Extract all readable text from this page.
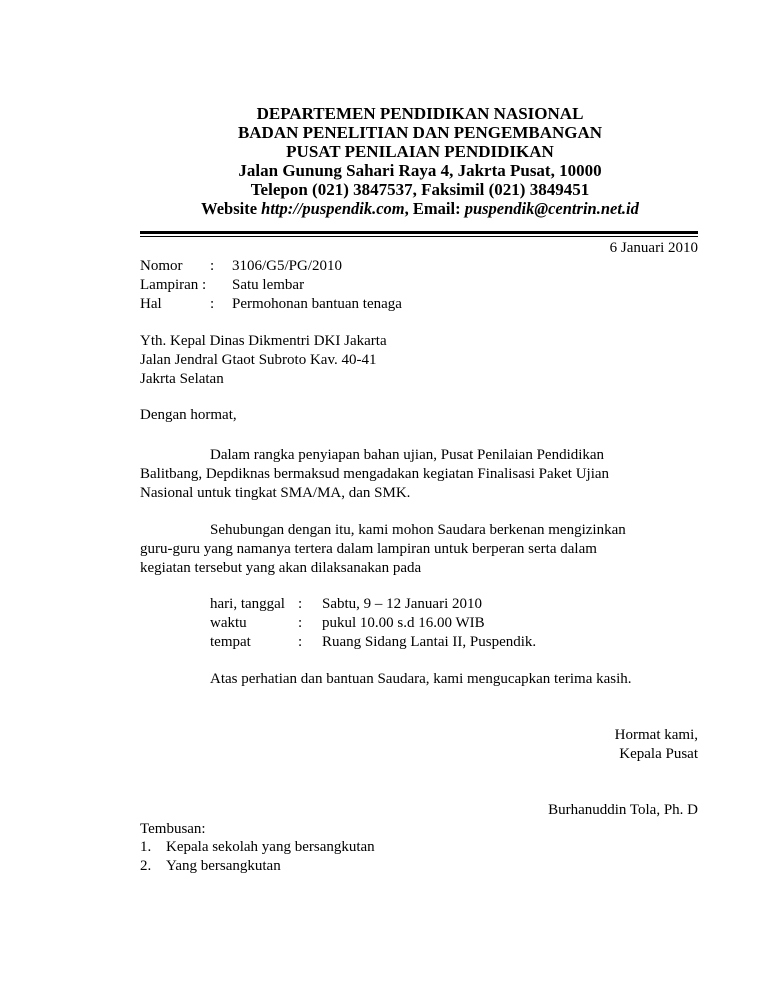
DEPARTEMEN PENDIDIKAN NASIONAL
BADAN PENELITIAN DAN PENGEMBANGAN
PUSAT PENILAIAN PENDIDIKAN
Jalan Gunung Sahari Raya 4, Jakrta Pusat, 10000
Telepon (021) 3847537, Faksimil (021) 3849451
Website http://puspendik.com, Email: puspendik@centrin.net.id
6 Januari 2010
Nomor : 3106/G5/PG/2010
Lampiran : Satu lembar
Hal	: Permohonan bantuan tenaga
Yth. Kepal Dinas Dikmentri DKI Jakarta
Jalan Jendral Gtaot Subroto Kav. 40-41
Jakrta Selatan
Dengan hormat,
Dalam rangka penyiapan bahan ujian, Pusat Penilaian Pendidikan
Balitbang, Depdiknas bermaksud mengadakan kegiatan Finalisasi Paket Ujian
Nasional untuk tingkat SMA/MA, dan SMK.
Sehubungan dengan itu, kami mohon Saudara berkenan mengizinkan
guru-guru yang namanya tertera dalam lampiran untuk berperan serta dalam
kegiatan tersebut yang akan dilaksanakan pada
hari, tanggal : Sabtu, 9 – 12 Januari 2010
waktu	: pukul 10.00 s.d 16.00 WIB
tempat	: Ruang Sidang Lantai II, Puspendik.
Atas perhatian dan bantuan Saudara, kami mengucapkan terima kasih.
Hormat kami,
Kepala Pusat
Burhanuddin Tola, Ph. D
Tembusan:
1. Kepala sekolah yang bersangkutan
2. Yang bersangkutan
